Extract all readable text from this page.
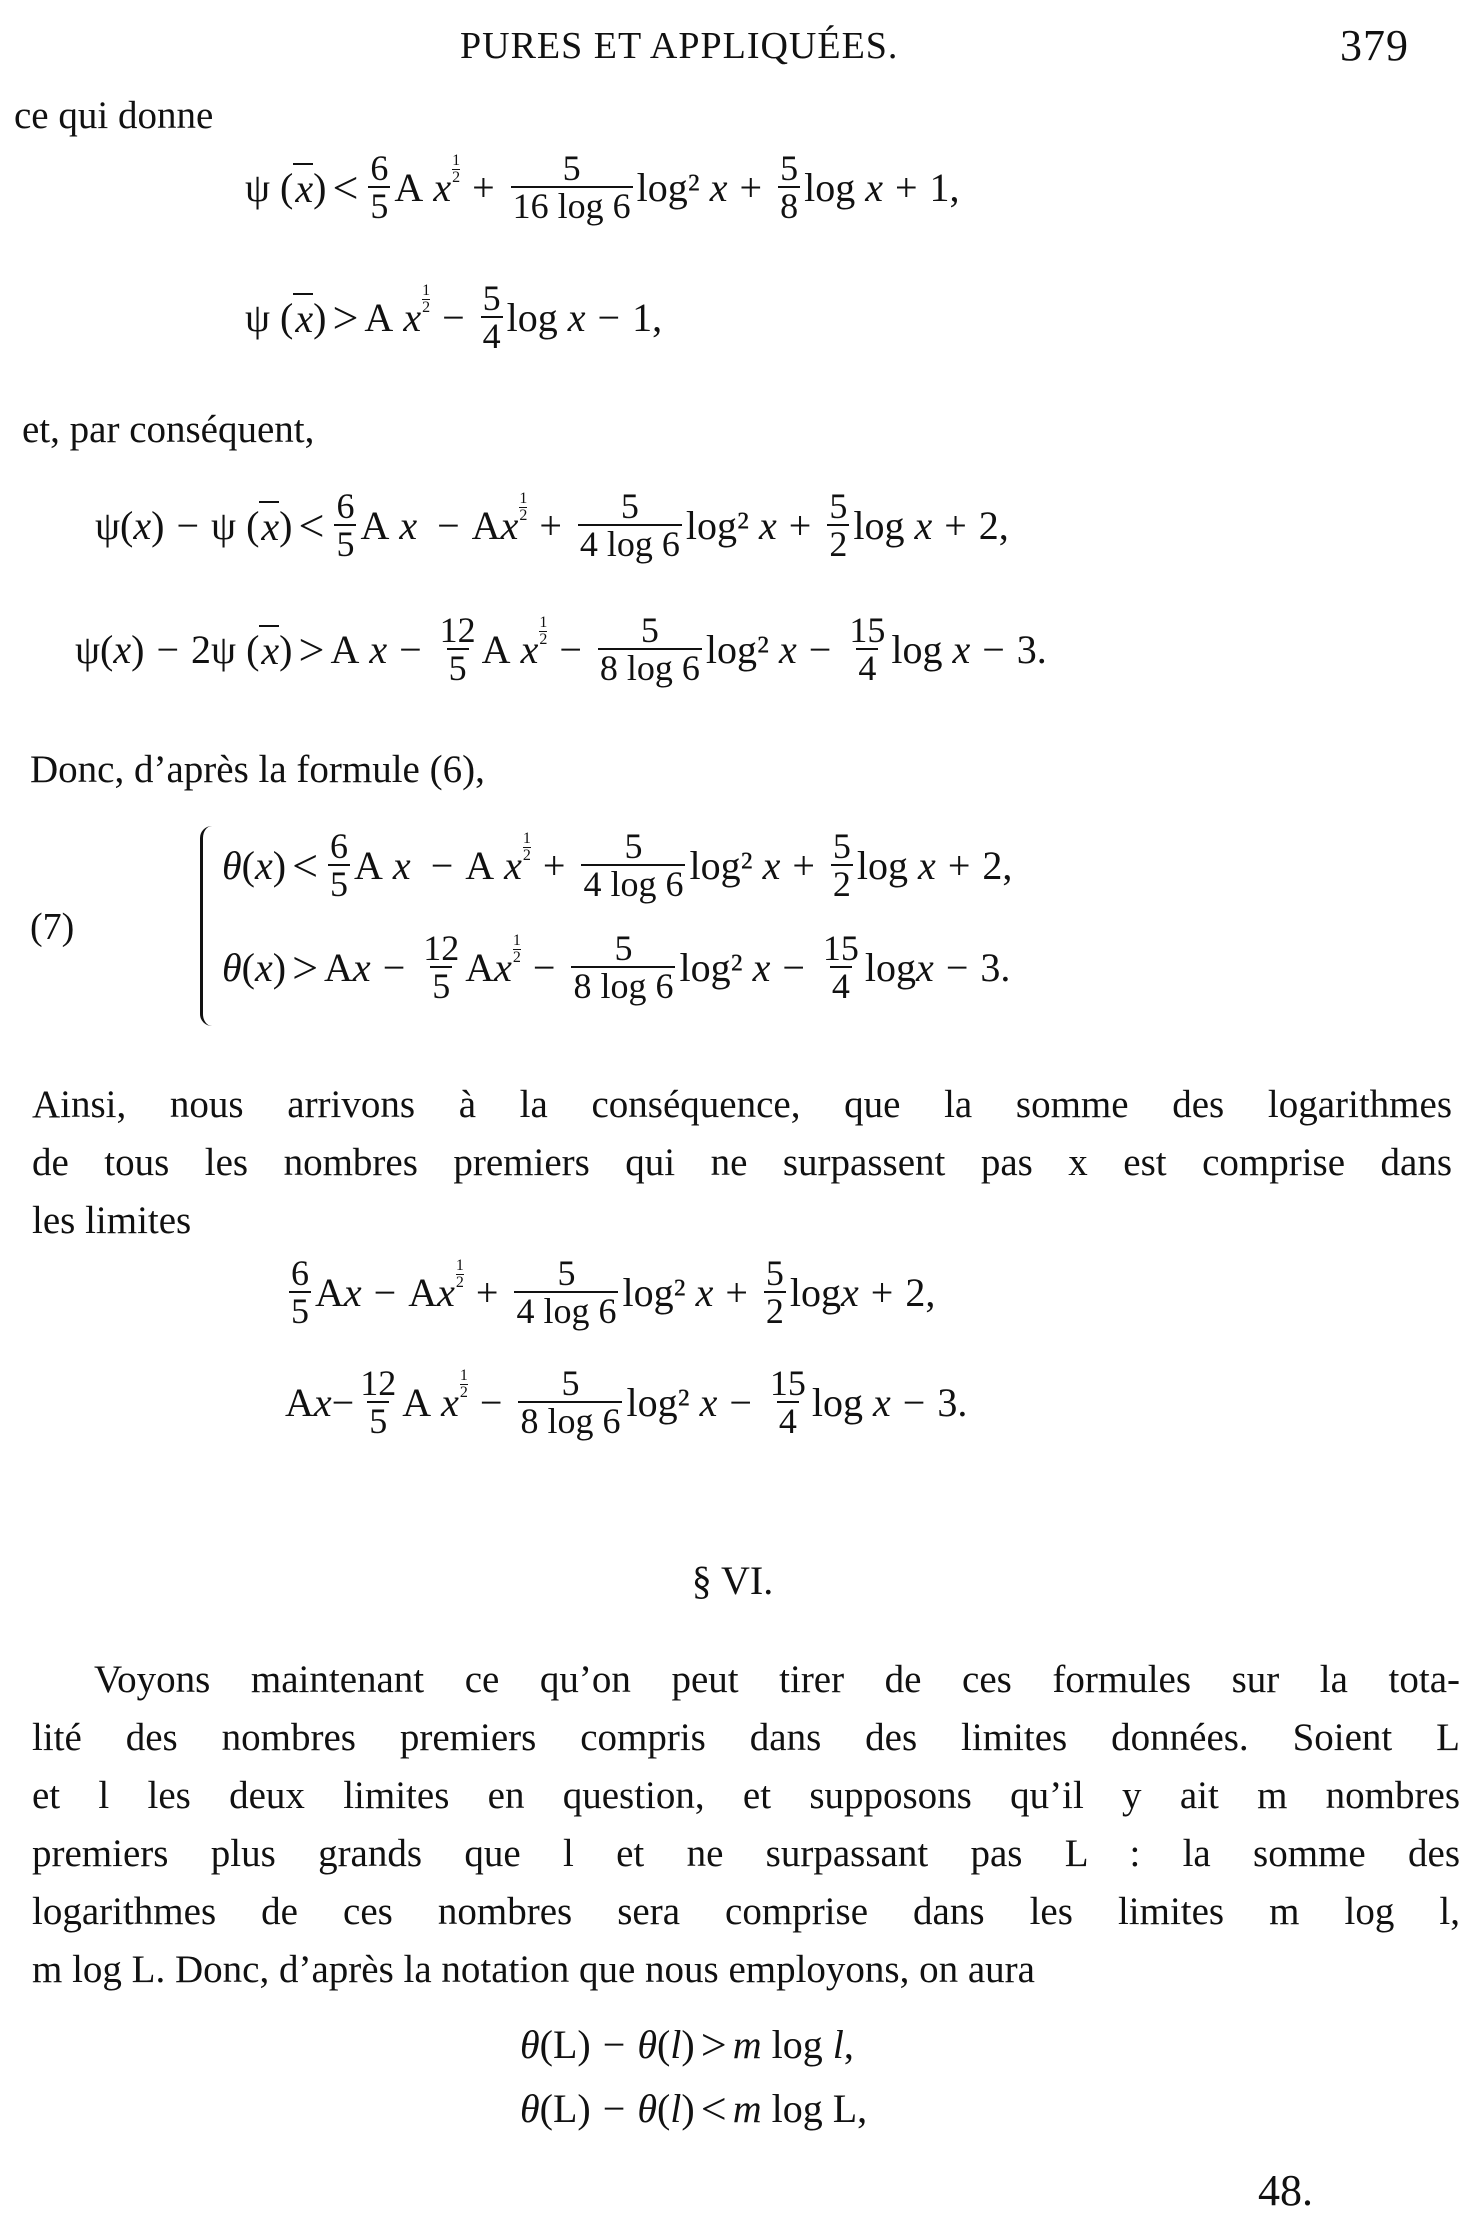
PURES ET APPLIQUÉES.	379
ce qui donne
ψ ( x ) < $\frac{6}{5}$ A
x
1
$2 + \frac{5}{16 \log 6} \log^2$
$x + \frac{5}{8}$ log
x + 1 ,
ψ ( x ) > A
x
1
$2 - \frac{5}{4}$ log
x − 1 ,
et, par conséquent,
ψ ( x ) − ψ ( x ) < $\frac{6}{5}$ A
x − A x
1
$2 + \frac{5}{4 \log 6} \log^2$
$x + \frac{5}{2}$ log
x + 2 ,
ψ ( x ) − 2 ψ ( x ) > A
$x - \frac{12}{5}$ A
x
1
$2 - \frac{5}{8 \log 6} \log^2$
$x - \frac{15}{4}$ log
x − 3 .
Donc, d’après la formule (6),
(7)
θ ( x ) < $\frac{6}{5}$ A
x − A
x
1
$2 + \frac{5}{4 \log 6} \log^2$
$x + \frac{5}{2}$ log
x + 2 ,
θ ( x ) > A $x - \frac{12}{5}$ A x
1
$2 - \frac{5}{8 \log 6} \log^2$
$x - \frac{15}{4}$ log x − 3 .
Ainsi, nous arrivons à la conséquence, que la somme des logarithmes
de tous les nombres premiers qui ne surpassent pas x est comprise dans
les limites
$\frac{6}{5}$ A x − A x
1
$2 + \frac{5}{4 \log 6} \log^2$
$x + \frac{5}{2}$ log x + 2 ,
A $x - \frac{12}{5}$ A
x
1
$2 - \frac{5}{8 \log 6} \log^2$
$x - \frac{15}{4}$ log
x − 3 .
§ VI.
Voyons maintenant ce qu’on peut tirer de ces formules sur la tota-
lité des nombres premiers compris dans des limites données. Soient L
et l les deux limites en question, et supposons qu’il y ait m nombres
premiers plus grands que l et ne surpassant pas L : la somme des
logarithmes de ces nombres sera comprise dans les limites m log l,
m log L. Donc, d’après la notation que nous employons, on aura
θ ( L ) − θ ( l ) > m
log
l ,
θ ( L ) − θ ( l ) < m
log
L ,
48.
